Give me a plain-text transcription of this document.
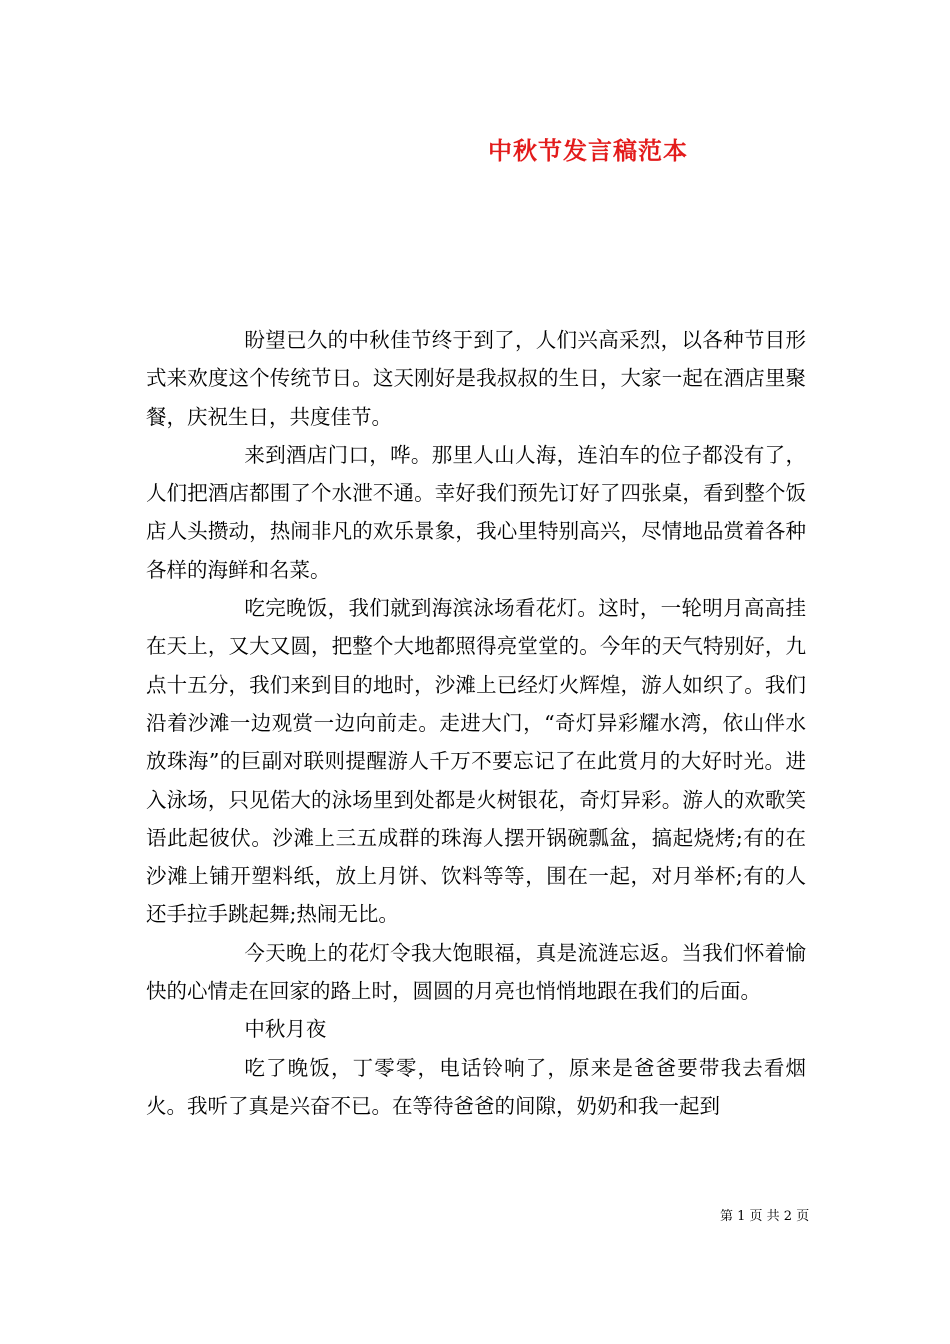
中秋节发言稿范本

盼望已久的中秋佳节终于到了，人们兴高采烈，以各种节目形式来欢度这个传统节日。这天刚好是我叔叔的生日，大家一起在酒店里聚餐，庆祝生日，共度佳节。

来到酒店门口，哗。那里人山人海，连泊车的位子都没有了，人们把酒店都围了个水泄不通。幸好我们预先订好了四张桌，看到整个饭店人头攒动，热闹非凡的欢乐景象，我心里特别高兴，尽情地品赏着各种各样的海鲜和名菜。

吃完晚饭，我们就到海滨泳场看花灯。这时，一轮明月高高挂在天上，又大又圆，把整个大地都照得亮堂堂的。今年的天气特别好，九点十五分，我们来到目的地时，沙滩上已经灯火辉煌，游人如织了。我们沿着沙滩一边观赏一边向前走。走进大门，“奇灯异彩耀水湾，依山伴水放珠海”的巨副对联则提醒游人千万不要忘记了在此赏月的大好时光。进入泳场，只见偌大的泳场里到处都是火树银花，奇灯异彩。游人的欢歌笑语此起彼伏。沙滩上三五成群的珠海人摆开锅碗瓢盆，搞起烧烤;有的在沙滩上铺开塑料纸，放上月饼、饮料等等，围在一起，对月举杯;有的人还手拉手跳起舞;热闹无比。

今天晚上的花灯令我大饱眼福，真是流涟忘返。当我们怀着愉快的心情走在回家的路上时，圆圆的月亮也悄悄地跟在我们的后面。

中秋月夜

吃了晚饭，丁零零，电话铃响了，原来是爸爸要带我去看烟火。我听了真是兴奋不已。在等待爸爸的间隙，奶奶和我一起到

第 1 页 共 2 页
